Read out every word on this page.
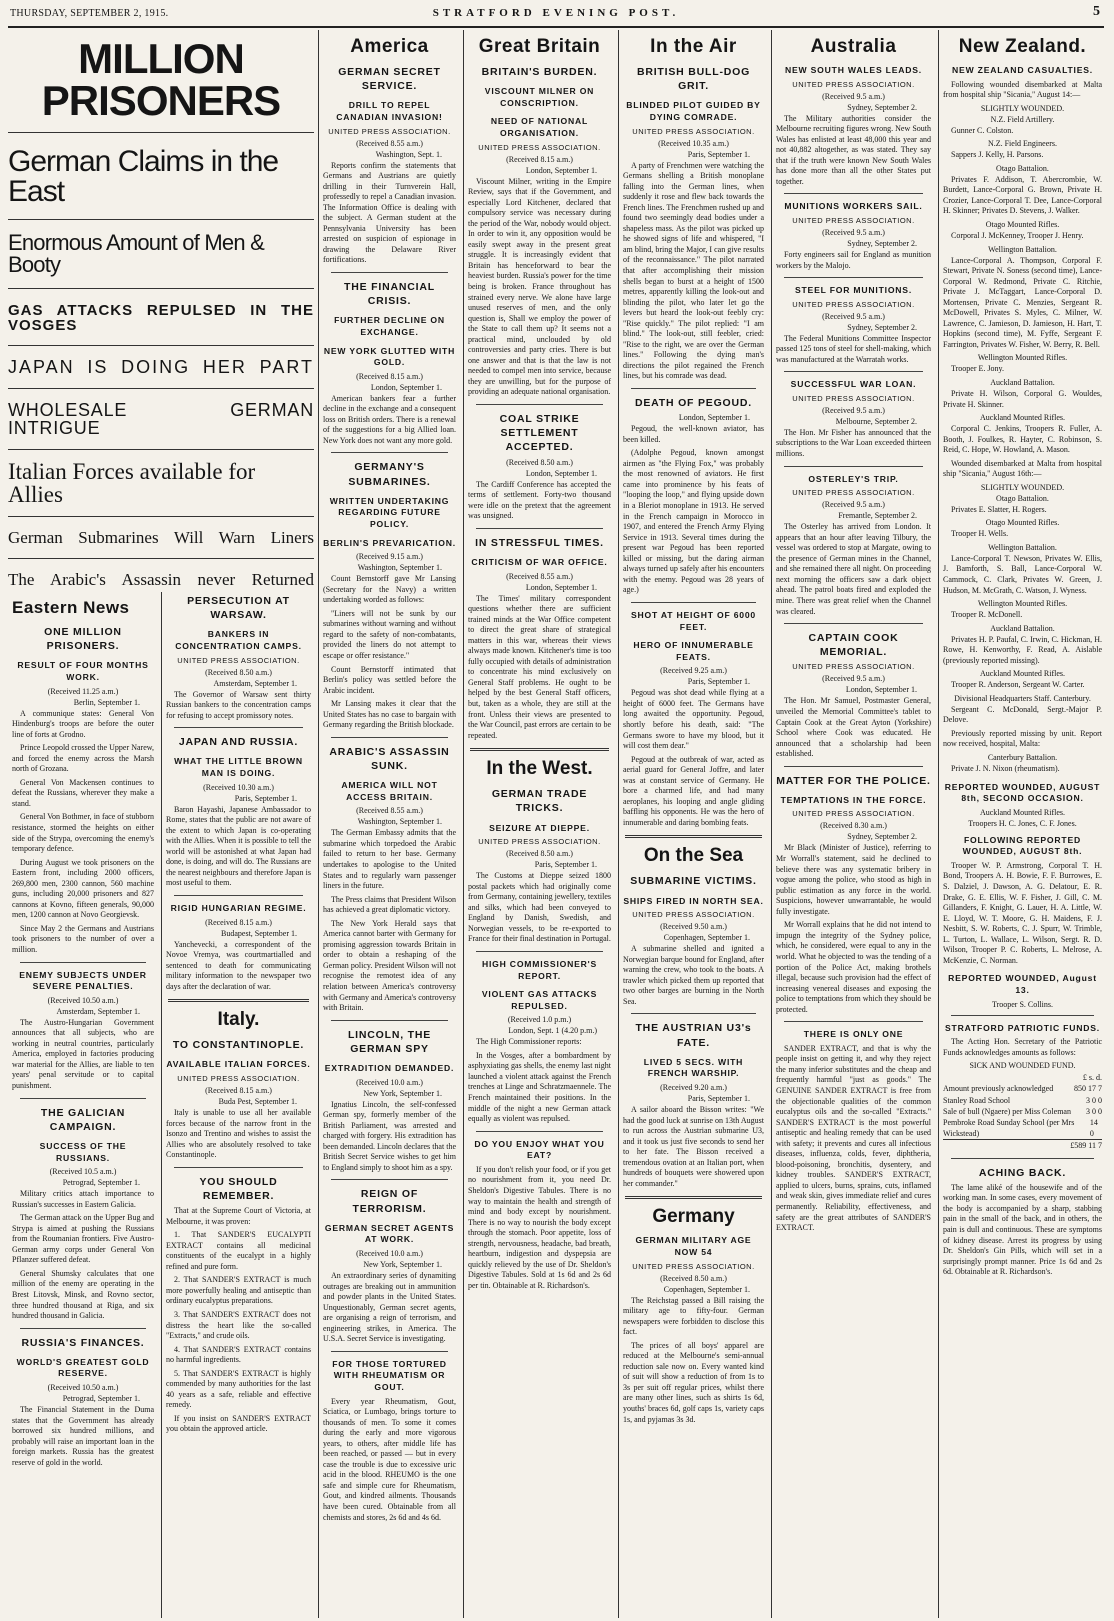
THURSDAY, SEPTEMBER 2, 1915.	STRATFORD EVENING POST.	5
MILLION PRISONERS
German Claims in the East
Enormous Amount of Men & Booty
GAS ATTACKS REPULSED IN THE VOSGES
JAPAN IS DOING HER PART
WHOLESALE GERMAN INTRIGUE
Italian Forces available for Allies
German Submarines Will Warn Liners
The Arabic's Assassin never Returned
Eastern News
ONE MILLION PRISONERS.
RESULT OF FOUR MONTHS WORK.
(Received 11.25 a.m.)
Berlin, September 1.

A communique states: General Von Hindenburg's troops are before the outer line of forts at Grodno.

Prince Leopold crossed the Upper Narew, and forced the enemy across the Marsh north of Grozana.

General Von Mackensen continues to defeat the Russians, wherever they make a stand.

General Von Bothmer, in face of stubborn resistance, stormed the heights on either side of the Strypa, overcoming the enemy's temporary defence.

During August we took prisoners on the Eastern front, including 2000 officers, 269,800 men, 2300 cannon, 560 machine guns, including 20,000 prisoners and 827 cannons at Kovno, fifteen generals, 90,000 men, 1200 cannon at Novo Georgievsk.

Since May 2 the Germans and Austrians took prisoners to the number of over a million.

ENEMY SUBJECTS UNDER SEVERE PENALTIES.
(Received 10.50 a.m.)
Amsterdam, September 1.

The Austro-Hungarian Government announces that all subjects, who are working in neutral countries, particularly America, employed in factories producing war material for the Allies, are liable to ten years' penal servitude or to capital punishment.

THE GALICIAN CAMPAIGN.
SUCCESS OF THE RUSSIANS.
(Received 10.5 a.m.)
Petrograd, September 1.

Military critics attach importance to Russian's successes in Eastern Galicia.

The German attack on the Upper Bug and Strypa is aimed at pushing the Russians from the Roumanian frontiers. Five Austro-German army corps under General Von Pflanzer suffered defeat.

General Shumsky calculates that one million of the enemy are operating in the Brest Litovsk, Minsk, and Rovno sector, three hundred thousand at Riga, and six hundred thousand in Galicia.

RUSSIA'S FINANCES.
WORLD'S GREATEST GOLD RESERVE.
(Received 10.50 a.m.)
Petrograd, September 1.

The Financial Statement in the Duma states that the Government has already borrowed six hundred millions, and probably will raise an important loan in the foreign markets. Russia has the greatest reserve of gold in the world.

PERSECUTION AT WARSAW.
BANKERS IN CONCENTRATION CAMPS.
UNITED PRESS ASSOCIATION.
(Received 8.50 a.m.)
Amsterdam, September 1.

The Governor of Warsaw sent thirty Russian bankers to the concentration camps for refusing to accept promissory notes.

JAPAN AND RUSSIA.
WHAT THE LITTLE BROWN MAN IS DOING.
(Received 10.30 a.m.)
Paris, September 1.

Baron Hayashi, Japanese Ambassador to Rome, states that the public are not aware of the extent to which Japan is co-operating with the Allies. When it is possible to tell the world will be astonished at what Japan had done, is doing, and will do. The Russians are the nearest neighbours and therefore Japan is most useful to them.

RIGID HUNGARIAN REGIME.
(Received 8.15 a.m.)
Budapest, September 1.

Yanchevecki, a correspondent of the Novoe Vremya, was courtmartialled and sentenced to death for communicating military information to the newspaper two days after the declaration of war.

Italy.
TO CONSTANTINOPLE.
AVAILABLE ITALIAN FORCES.
UNITED PRESS ASSOCIATION.
(Received 8.15 a.m.)
Buda Pest, September 1.

Italy is unable to use all her available forces because of the narrow front in the Isonzo and Trentino and wishes to assist the Allies who are absolutely resolved to take Constantinople.

YOU SHOULD REMEMBER.

That at the Supreme Court of Victoria, at Melbourne, it was proven:

1. That SANDER'S EUCALYPTI EXTRACT contains all medicinal constituents of the eucalypt in a highly refined and pure form.

2. That SANDER'S EXTRACT is much more powerfully healing and antiseptic than ordinary eucalyptus preparations.

3. That SANDER'S EXTRACT does not distress the heart like the so-called "Extracts," and crude oils.

4. That SANDER'S EXTRACT contains no harmful ingredients.

5. That SANDER'S EXTRACT is highly commended by many authorities for the last 40 years as a safe, reliable and effective remedy.

If you insist on SANDER'S EXTRACT you obtain the approved article.

America
GERMAN SECRET SERVICE.
DRILL TO REPEL CANADIAN INVASION!
UNITED PRESS ASSOCIATION.
(Received 8.55 a.m.)
Washington, Sept. 1.

Reports confirm the statements that Germans and Austrians are quietly drilling in their Turnverein Hall, professedly to repel a Canadian invasion. The Information Office is dealing with the subject. A German student at the Pennsylvania University has been arrested on suspicion of espionage in drawing the Delaware River fortifications.

THE FINANCIAL CRISIS.
FURTHER DECLINE ON EXCHANGE.
NEW YORK GLUTTED WITH GOLD.
(Received 8.15 a.m.)
London, September 1.

American bankers fear a further decline in the exchange and a consequent loss on British orders. There is a renewal of the suggestions for a big Allied loan. New York does not want any more gold.

GERMANY'S SUBMARINES.
WRITTEN UNDERTAKING REGARDING FUTURE POLICY.
BERLIN'S PREVARICATION.
(Received 9.15 a.m.)
Washington, September 1.

Count Bernstorff gave Mr Lansing (Secretary for the Navy) a written undertaking worded as follows:

"Liners will not be sunk by our submarines without warning and without regard to the safety of non-combatants, provided the liners do not attempt to escape or offer resistance."

Count Bernstorff intimated that Berlin's policy was settled before the Arabic incident.

Mr Lansing makes it clear that the United States has no case to bargain with Germany regarding the British blockade.

ARABIC'S ASSASSIN SUNK.
AMERICA WILL NOT ACCESS BRITAIN.
(Received 8.55 a.m.)
Washington, September 1.

The German Embassy admits that the submarine which torpedoed the Arabic failed to return to her base. Germany undertakes to apologise to the United States and to regularly warn passenger liners in the future.

The Press claims that President Wilson has achieved a great diplomatic victory.

The New York Herald says that America cannot barter with Germany for promising aggression towards Britain in order to obtain a reshaping of the German policy. President Wilson will not recognise the remotest idea of any relation between America's controversy with Germany and America's controversy with Britain.

LINCOLN, THE GERMAN SPY
EXTRADITION DEMANDED.
(Received 10.0 a.m.)
New York, September 1.

Ignatius Lincoln, the self-confessed German spy, formerly member of the British Parliament, was arrested and charged with forgery. His extradition has been demanded. Lincoln declares that the British Secret Service wishes to get him to England simply to shoot him as a spy.

REIGN OF TERRORISM.
GERMAN SECRET AGENTS AT WORK.
(Received 10.0 a.m.)
New York, September 1.

An extraordinary series of dynamiting outrages are breaking out in ammunition and powder plants in the United States. Unquestionably, German secret agents, are organising a reign of terrorism, and engineering strikes, in America. The U.S.A. Secret Service is investigating.

FOR THOSE TORTURED WITH RHEUMATISM OR GOUT.

Every year Rheumatism, Gout, Sciatica, or Lumbago, brings torture to thousands of men. To some it comes during the early and more vigorous years, to others, after middle life has been reached, or passed — but in every case the trouble is due to excessive uric acid in the blood. RHEUMO is the one safe and simple cure for Rheumatism, Gout, and kindred ailments. Thousands have been cured. Obtainable from all chemists and stores, 2s 6d and 4s 6d.

Great Britain
BRITAIN'S BURDEN.
VISCOUNT MILNER ON CONSCRIPTION.
NEED OF NATIONAL ORGANISATION.
UNITED PRESS ASSOCIATION.
(Received 8.15 a.m.)
London, September 1.

Viscount Milner, writing in the Empire Review, says that if the Government, and especially Lord Kitchener, declared that compulsory service was necessary during the period of the War, nobody would object. In order to win it, any opposition would be easily swept away in the present great struggle. It is increasingly evident that Britain has henceforward to bear the heaviest burden. Russia's power for the time being is broken. France throughout has strained every nerve. We alone have large unused reserves of men, and the only question is, Shall we employ the power of the State to call them up? It seems not a practical mind, unclouded by old controversies and party cries. There is but one answer and that is that the law is not needed to compel men into service, because they are unwilling, but for the purpose of providing an adequate national organisation.

COAL STRIKE SETTLEMENT ACCEPTED.
(Received 8.50 a.m.)
London, September 1.

The Cardiff Conference has accepted the terms of settlement. Forty-two thousand were idle on the pretext that the agreement was unsigned.

IN STRESSFUL TIMES.
CRITICISM OF WAR OFFICE.
(Received 8.55 a.m.)
London, September 1.

The Times' military correspondent questions whether there are sufficient trained minds at the War Office competent to direct the great share of strategical matters in this war, whereas their views always made known. Kitchener's time is too fully occupied with details of administration to concentrate his mind exclusively on General Staff problems. He ought to be helped by the best General Staff officers, but, taken as a whole, they are still at the front. Unless their views are presented to the War Council, past errors are certain to be repeated.

In the West.
GERMAN TRADE TRICKS.
SEIZURE AT DIEPPE.
UNITED PRESS ASSOCIATION.
(Received 8.50 a.m.)
Paris, September 1.

The Customs at Dieppe seized 1800 postal packets which had originally come from Germany, containing jewellery, textiles and silks, which had been conveyed to England by Danish, Swedish, and Norwegian vessels, to be re-exported to France for their final destination in Portugal.

HIGH COMMISSIONER'S REPORT.
VIOLENT GAS ATTACKS REPULSED.
(Received 1.0 p.m.)
London, Sept. 1 (4.20 p.m.)

The High Commissioner reports:

In the Vosges, after a bombardment by asphyxiating gas shells, the enemy last night launched a violent attack against the French trenches at Linge and Schratzmaennele. The French maintained their positions. In the middle of the night a new German attack equally as violent was repulsed.

DO YOU ENJOY WHAT YOU EAT?

If you don't relish your food, or if you get no nourishment from it, you need Dr. Sheldon's Digestive Tabules. There is no way to maintain the health and strength of mind and body except by nourishment. There is no way to nourish the body except through the stomach. Poor appetite, loss of strength, nervousness, headache, bad breath, heartburn, indigestion and dyspepsia are quickly relieved by the use of Dr. Sheldon's Digestive Tabules. Sold at 1s 6d and 2s 6d per tin. Obtainable at R. Richardson's.

In the Air
BRITISH BULL-DOG GRIT.
BLINDED PILOT GUIDED BY DYING COMRADE.
UNITED PRESS ASSOCIATION.
(Received 10.35 a.m.)
Paris, September 1.

A party of Frenchmen were watching the Germans shelling a British monoplane falling into the German lines, when suddenly it rose and flew back towards the French lines. The Frenchmen rushed up and found two seemingly dead bodies under a shapeless mass. As the pilot was picked up he showed signs of life and whispered, "I am blind, bring the Major, I can give results of the reconnaissance." The pilot narrated that after accomplishing their mission shells began to burst at a height of 1500 metres, apparently killing the look-out and blinding the pilot, who later let go the levers but heard the look-out feebly cry: "Rise quickly." The pilot replied: "I am blind." The look-out, still feebler, cried: "Rise to the right, we are over the German lines." Following the dying man's directions the pilot regained the French lines, but his comrade was dead.

DEATH OF PEGOUD.
London, September 1.

Pegoud, the well-known aviator, has been killed.

(Adolphe Pegoud, known amongst airmen as "the Flying Fox," was probably the most renowned of aviators. He first came into prominence by his feats of "looping the loop," and flying upside down in a Bleriot monoplane in 1913. He served in the French campaign in Morocco in 1907, and entered the French Army Flying Service in 1913. Several times during the present war Pegoud has been reported killed or missing, but the daring airman always turned up safely after his encounters with the enemy. Pegoud was 28 years of age.)

SHOT AT HEIGHT OF 6000 FEET.
HERO OF INNUMERABLE FEATS.
(Received 9.25 a.m.)
Paris, September 1.

Pegoud was shot dead while flying at a height of 6000 feet. The Germans have long awaited the opportunity. Pegoud, shortly before his death, said: "The Germans swore to have my blood, but it will cost them dear."

Pegoud at the outbreak of war, acted as aerial guard for General Joffre, and later was at constant service of Germany. He bore a charmed life, and had many aeroplanes, his looping and angle gliding baffling his opponents. He was the hero of innumerable and daring bombing feats.

On the Sea
SUBMARINE VICTIMS.
SHIPS FIRED IN NORTH SEA.
UNITED PRESS ASSOCIATION.
(Received 9.50 a.m.)
Copenhagen, September 1.

A submarine shelled and ignited a Norwegian barque bound for England, after warning the crew, who took to the boats. A trawler which picked them up reported that two other barges are burning in the North Sea.

THE AUSTRIAN U3's FATE.
LIVED 5 SECS. WITH FRENCH WARSHIP.
(Received 9.20 a.m.)
Paris, September 1.

A sailor aboard the Bisson writes: "We had the good luck at sunrise on 13th August to run across the Austrian submarine U3, and it took us just five seconds to send her to her fate. The Bisson received a tremendous ovation at an Italian port, when hundreds of bouquets were showered upon her commander."

Germany
GERMAN MILITARY AGE NOW 54
UNITED PRESS ASSOCIATION.
(Received 8.50 a.m.)
Copenhagen, September 1.

The Reichstag passed a Bill raising the military age to fifty-four. German newspapers were forbidden to disclose this fact.

The prices of all boys' apparel are reduced at the Melbourne's semi-annual reduction sale now on. Every wanted kind of suit will show a reduction of from 1s to 3s per suit off regular prices, whilst there are many other lines, such as shirts 1s 6d, youths' braces 6d, golf caps 1s, variety caps 1s, and pyjamas 3s 3d.

Australia
NEW SOUTH WALES LEADS.
UNITED PRESS ASSOCIATION.
(Received 9.5 a.m.)
Sydney, September 2.

The Military authorities consider the Melbourne recruiting figures wrong. New South Wales has enlisted at least 48,000 this year and not 40,882 altogether, as was stated. They say that if the truth were known New South Wales has done more than all the other States put together.

MUNITIONS WORKERS SAIL.
UNITED PRESS ASSOCIATION.
(Received 9.5 a.m.)
Sydney, September 2.

Forty engineers sail for England as munition workers by the Malojo.

STEEL FOR MUNITIONS.
UNITED PRESS ASSOCIATION.
(Received 9.5 a.m.)
Sydney, September 2.

The Federal Munitions Committee Inspector passed 125 tons of steel for shell-making, which was manufactured at the Warratah works.

SUCCESSFUL WAR LOAN.
UNITED PRESS ASSOCIATION.
(Received 9.5 a.m.)
Melbourne, September 2.

The Hon. Mr Fisher has announced that the subscriptions to the War Loan exceeded thirteen millions.

OSTERLEY'S TRIP.
UNITED PRESS ASSOCIATION.
(Received 9.5 a.m.)
Fremantle, September 2.

The Osterley has arrived from London. It appears that an hour after leaving Tilbury, the vessel was ordered to stop at Margate, owing to the presence of German mines in the Channel, and she remained there all night. On proceeding next morning the officers saw a dark object ahead. The patrol boats fired and exploded the mine. There was great relief when the Channel was cleared.

CAPTAIN COOK MEMORIAL.
UNITED PRESS ASSOCIATION.
(Received 9.5 a.m.)
London, September 1.

The Hon. Mr Samuel, Postmaster General, unveiled the Memorial Committee's tablet to Captain Cook at the Great Ayton (Yorkshire) School where Cook was educated. He announced that a scholarship had been established.

MATTER FOR THE POLICE.
TEMPTATIONS IN THE FORCE.
UNITED PRESS ASSOCIATION.
(Received 8.30 a.m.)
Sydney, September 2.

Mr Black (Minister of Justice), referring to Mr Worrall's statement, said he declined to believe there was any systematic bribery in vogue among the police, who stood as high in public estimation as any force in the world. Suspicions, however unwarrantable, he would fully investigate.

Mr Worrall explains that he did not intend to impugn the integrity of the Sydney police, which, he considered, were equal to any in the world. What he objected to was the tending of a portion of the Police Act, making brothels illegal, because such provision had the effect of increasing venereal diseases and exposing the police to temptations from which they should be protected.

THERE IS ONLY ONE

SANDER EXTRACT, and that is why the people insist on getting it, and why they reject the many inferior substitutes and the cheap and frequently harmful "just as goods." The GENUINE SANDER EXTRACT is free from the objectionable qualities of the common eucalyptus oils and the so-called "Extracts." SANDER'S EXTRACT is the most powerful antiseptic and healing remedy that can be used with safety; it prevents and cures all infectious diseases, influenza, colds, fever, diphtheria, blood-poisoning, bronchitis, dysentery, and kidney troubles. SANDER'S EXTRACT, applied to ulcers, burns, sprains, cuts, inflamed and weak skin, gives immediate relief and cures permanently. Reliability, effectiveness, and safety are the great attributes of SANDER'S EXTRACT.

New Zealand.
NEW ZEALAND CASUALTIES.

Following wounded disembarked at Malta from hospital ship "Sicania," August 14:—

SLIGHTLY WOUNDED.
N.Z. Field Artillery.

Gunner C. Colston.

N.Z. Field Engineers.

Sappers J. Kelly, H. Parsons.

Otago Battalion.

Privates F. Addison, T. Abercrombie, W. Burdett, Lance-Corporal G. Brown, Private H. Crozier, Lance-Corporal T. Dee, Lance-Corporal H. Skinner; Privates D. Stevens, J. Walker.

Otago Mounted Rifles.

Corporal J. McKenney, Trooper J. Henry.

Wellington Battalion.

Lance-Corporal A. Thompson, Corporal F. Stewart, Private N. Soness (second time), Lance-Corporal W. Redmond, Private C. Ritchie, Private J. McTaggart, Lance-Corporal D. Mortensen, Private C. Menzies, Sergeant R. McDowell, Privates S. Myles, C. Milner, W. Lawrence, C. Jamieson, D. Jamieson, H. Hart, T. Hopkins (second time), M. Fyffe, Sergeant F. Farrington, Privates W. Fisher, W. Berry, R. Bell.

Wellington Mounted Rifles.

Trooper E. Jony.

Auckland Battalion.

Private H. Wilson, Corporal G. Wouldes, Private H. Skinner.

Auckland Mounted Rifles.

Corporal C. Jenkins, Troopers R. Fuller, A. Booth, J. Foulkes, R. Hayter, C. Robinson, S. Reid, C. Hope, W. Howland, A. Mason.

Wounded disembarked at Malta from hospital ship "Sicania," August 16th:—

SLIGHTLY WOUNDED.
Otago Battalion.

Privates E. Slatter, H. Rogers.

Otago Mounted Rifles.

Trooper H. Wells.

Wellington Battalion.

Lance-Corporal T. Newson, Privates W. Ellis, J. Bamforth, S. Ball, Lance-Corporal W. Cammock, C. Clark, Privates W. Green, J. Hudson, M. McGrath, C. Watson, J. Wyness.

Wellington Mounted Rifles.

Trooper R. McDonell.

Auckland Battalion.

Privates H. P. Paufal, C. Irwin, C. Hickman, H. Rowe, H. Kenworthy, F. Read, A. Aislable (previously reported missing).

Auckland Mounted Rifles.

Trooper R. Anderson, Sergeant W. Carter.

Divisional Headquarters Staff. Canterbury.

Sergeant C. McDonald, Sergt.-Major P. Delove.

Previously reported missing by unit. Report now received, hospital, Malta:

Canterbury Battalion.

Private J. N. Nixon (rheumatism).

REPORTED WOUNDED, AUGUST 8th, SECOND OCCASION.
Auckland Mounted Rifles.
Troopers H. C. Jones, C. F. Jones.
FOLLOWING REPORTED WOUNDED, AUGUST 8th.

Trooper W. P. Armstrong, Corporal T. H. Bond, Troopers A. H. Bowie, F. F. Burrowes, E. S. Dalziel, J. Dawson, A. G. Delatour, E. R. Drake, G. E. Ellis, W. F. Fisher, J. Gill, C. M. Gillanders, F. Knight, G. Lauer, H. A. Little, W. E. Lloyd, W. T. Moore, G. H. Maidens, F. J. Nesbitt, S. W. Roberts, C. J. Spurr, W. Trimble, L. Turton, L. Wallace, L. Wilson, Sergt. R. D. Wilson, Trooper P. C. Roberts, L. Melrose, A. McKenzie, C. Norman.

REPORTED WOUNDED, August 13.
Trooper S. Collins.
STRATFORD PATRIOTIC FUNDS.

The Acting Hon. Secretary of the Patriotic Funds acknowledges amounts as follows:

SICK AND WOUNDED FUND.
£ s. d.
Amount previously acknowledged	850 17 7
Stanley Road School	3 0 0
Sale of bull (Ngaere) per Miss Coleman 3 0 0
Pembroke Road Sunday School (per Mrs Wickstead)
14 0
£589 11 7
ACHING BACK.

The lame aliké of the housewife and of the working man. In some cases, every movement of the body is accompanied by a sharp, stabbing pain in the small of the back, and in others, the pain is dull and continuous. These are symptoms of kidney disease. Arrest its progress by using Dr. Sheldon's Gin Pills, which will set in a surprisingly prompt manner. Price 1s 6d and 2s 6d. Obtainable at R. Richardson's.
